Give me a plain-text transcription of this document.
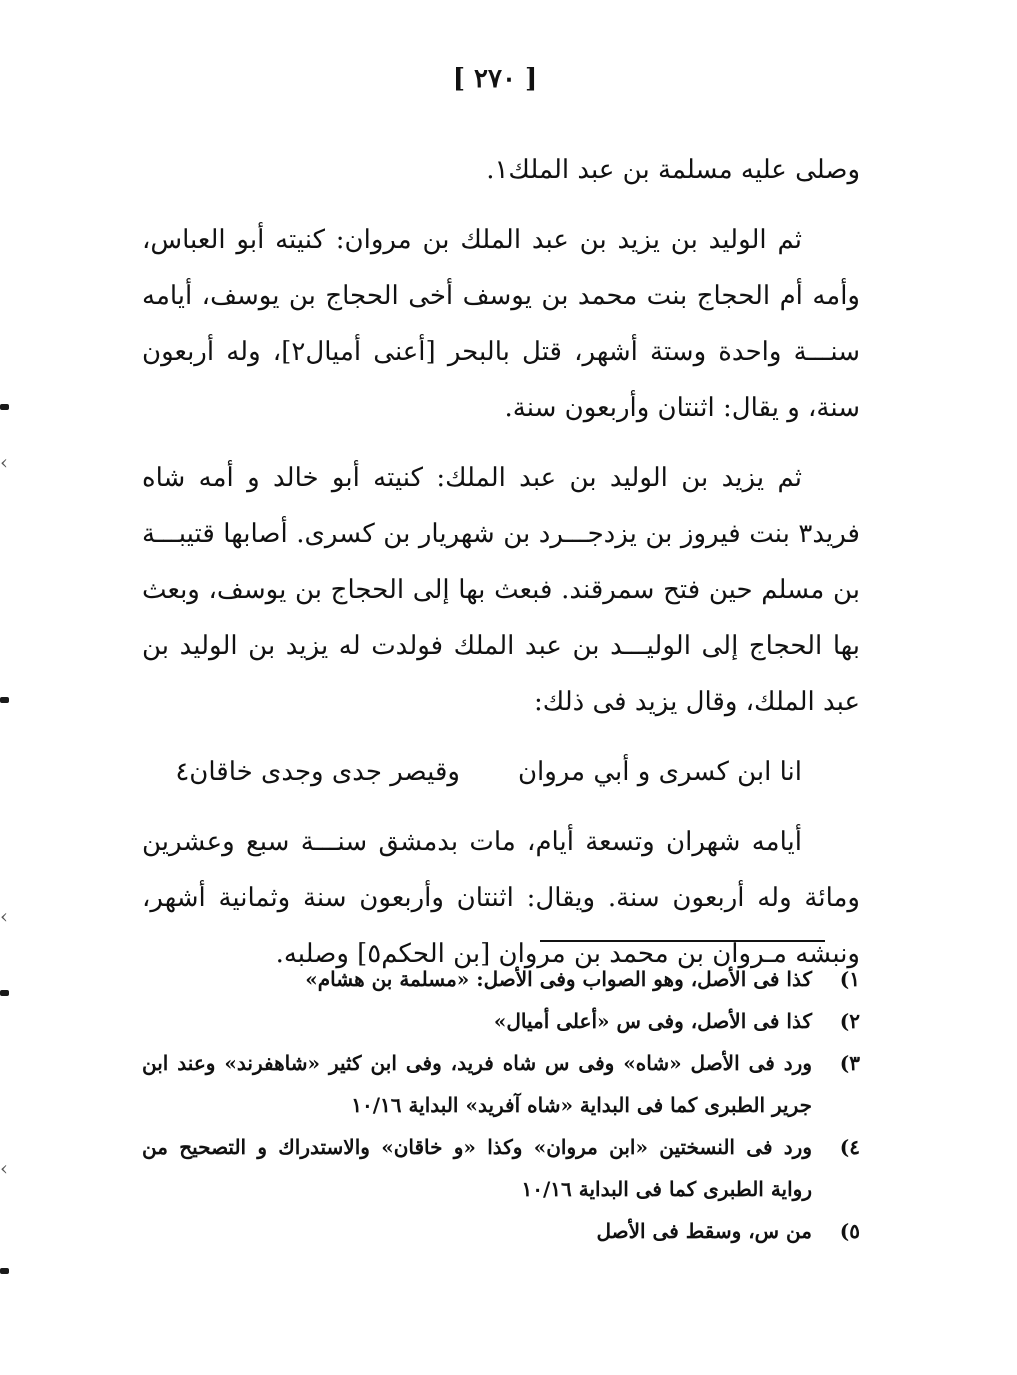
‹
‹
‹
[ ٢٧٠ ]

وصلى عليه مسلمة بن عبد الملك١.

ثم الوليد بن يزيد بن عبد الملك بن مروان: كنيته أبو العباس، وأمه أم الحجاج بنت محمد بن يوسف أخى الحجاج بن يوسف، أيامه سنـــة واحدة وستة أشهر، قتل بالبحر [أعنى أميال٢]، وله أربعون سنة، و يقال: اثنتان وأربعون سنة.

ثم يزيد بن الوليد بن عبد الملك: كنيته أبو خالد و أمه شاه فريد٣ بنت فيروز بن يزدجـــرد بن شهريار بن كسرى. أصابها قتيبـــة بن مسلم حين فتح سمرقند. فبعث بها إلى الحجاج بن يوسف، وبعث بها الحجاج إلى الوليـــد بن عبد الملك فولدت له يزيد بن الوليد بن عبد الملك، وقال يزيد فى ذلك:

انا ابن كسرى و أبي مروان
وقيصر جدى وجدى خاقان٤

أيامه شهران وتسعة أيام، مات بدمشق سنـــة سبع وعشرين ومائة وله أربعون سنة. ويقال: اثنتان وأربعون سنة وثمانية أشهر، ونبشه مـروان بن محمد بن مروان [بن الحكم٥] وصلبه.

١)
كذا فى الأصل، وهو الصواب وفى الأصل: «مسلمة بن هشام»
٢)
كذا فى الأصل، وفى س «أعلى أميال»
٣)
ورد فى الأصل «شاه» وفى س شاه فريد، وفى ابن كثير «شاهفرند» وعند ابن جرير الطبرى كما فى البداية «شاه آفريد» البداية ١٠/١٦
٤)
ورد فى النسختين «ابن مروان» وكذا «و خاقان» والاستدراك و التصحيح من رواية الطبرى كما فى البداية ١٠/١٦
٥)
من س، وسقط فى الأصل
